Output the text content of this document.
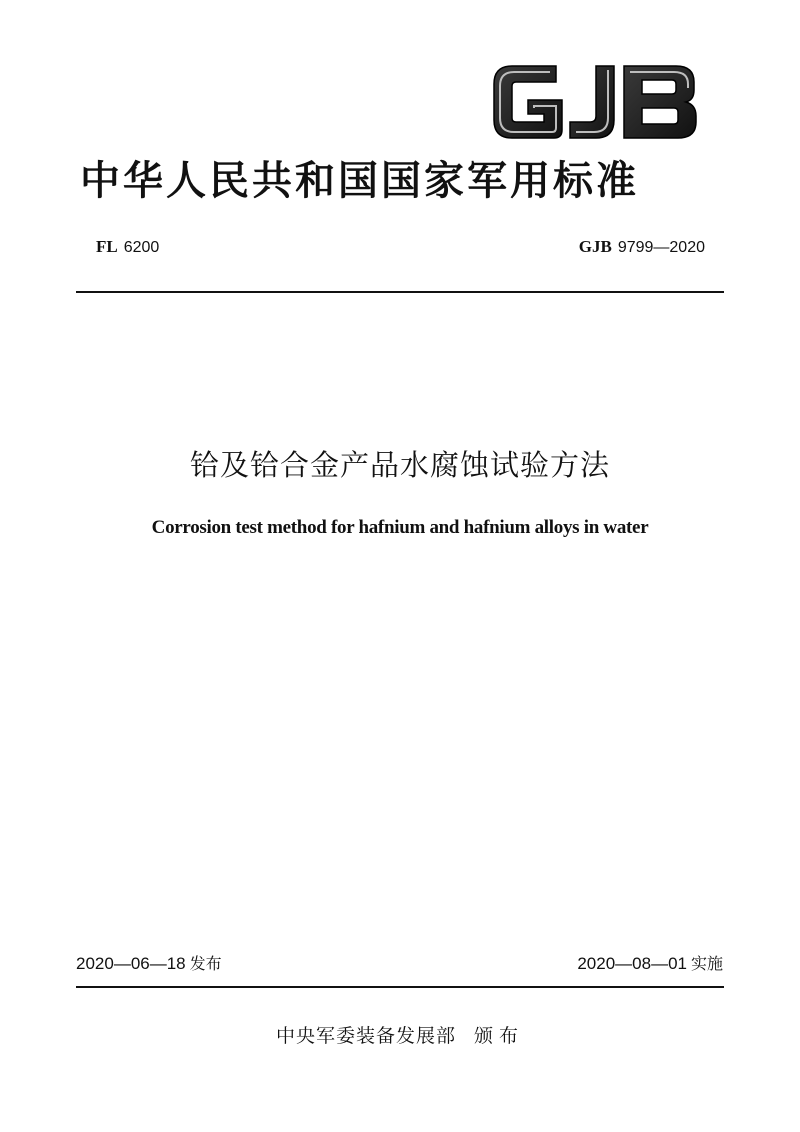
中华人民共和国国家军用标准
FL 6200	GJB 9799—2020
铪及铪合金产品水腐蚀试验方法
Corrosion test method for hafnium and hafnium alloys in water
2020—06—18 发布	2020—08—01 实施
中央军委装备发展部 颁布
